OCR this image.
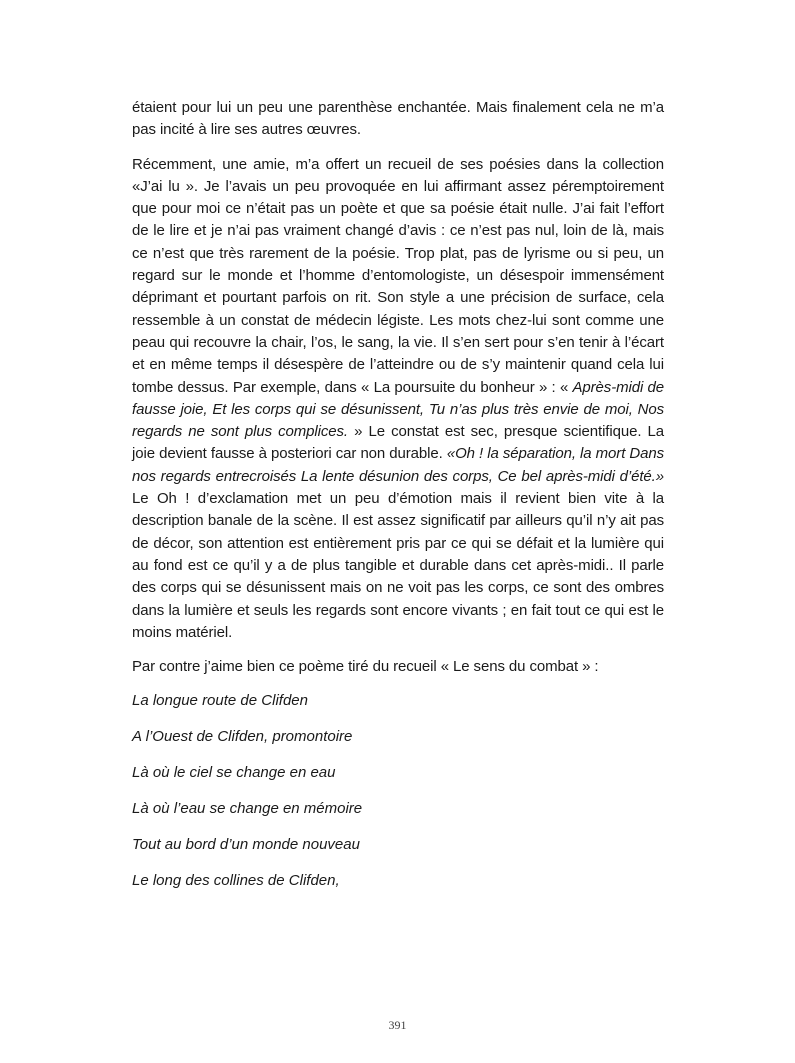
étaient pour lui un peu une parenthèse enchantée. Mais finalement cela ne m’a pas incité à lire ses autres œuvres.

Récemment, une amie, m’a offert un recueil de ses poésies dans la collection «J’ai lu ». Je l’avais un peu provoquée en lui affirmant assez péremptoirement que pour moi ce n’était pas un poète et que sa poésie était nulle. J’ai fait l’effort de le lire et je n’ai pas vraiment changé d’avis : ce n’est pas nul, loin de là, mais ce n’est que très rarement de la poésie. Trop plat, pas de lyrisme ou si peu, un regard sur le monde et l’homme d’entomologiste, un désespoir immensément déprimant et pourtant parfois on rit. Son style a une précision de surface, cela ressemble à un constat de médecin légiste. Les mots chez-lui sont comme une peau qui recouvre la chair, l’os, le sang, la vie. Il s’en sert pour s’en tenir à l’écart et en même temps il désespère de l’atteindre ou de s’y maintenir quand cela lui tombe dessus. Par exemple, dans « La poursuite du bonheur » : « Après-midi de fausse joie, Et les corps qui se désunissent, Tu n’as plus très envie de moi, Nos regards ne sont plus complices. » Le constat est sec, presque scientifique. La joie devient fausse à posteriori car non durable. «Oh ! la séparation, la mort Dans nos regards entrecroisés La lente désunion des corps, Ce bel après-midi d’été.» Le Oh ! d’exclamation met un peu d’émotion mais il revient bien vite à la description banale de la scène. Il est assez significatif par ailleurs qu’il n’y ait pas de décor, son attention est entièrement pris par ce qui se défait et la lumière qui au fond est ce qu’il y a de plus tangible et durable dans cet après-midi.. Il parle des corps qui se désunissent mais on ne voit pas les corps, ce sont des ombres dans la lumière et seuls les regards sont encore vivants ; en fait tout ce qui est le moins matériel.

Par contre j’aime bien ce poème tiré du recueil « Le sens du combat » :

La longue route de Clifden

A l’Ouest de Clifden, promontoire

Là où le ciel se change en eau

Là où l’eau se change en mémoire

Tout au bord d’un monde nouveau

Le long des collines de Clifden,

391
